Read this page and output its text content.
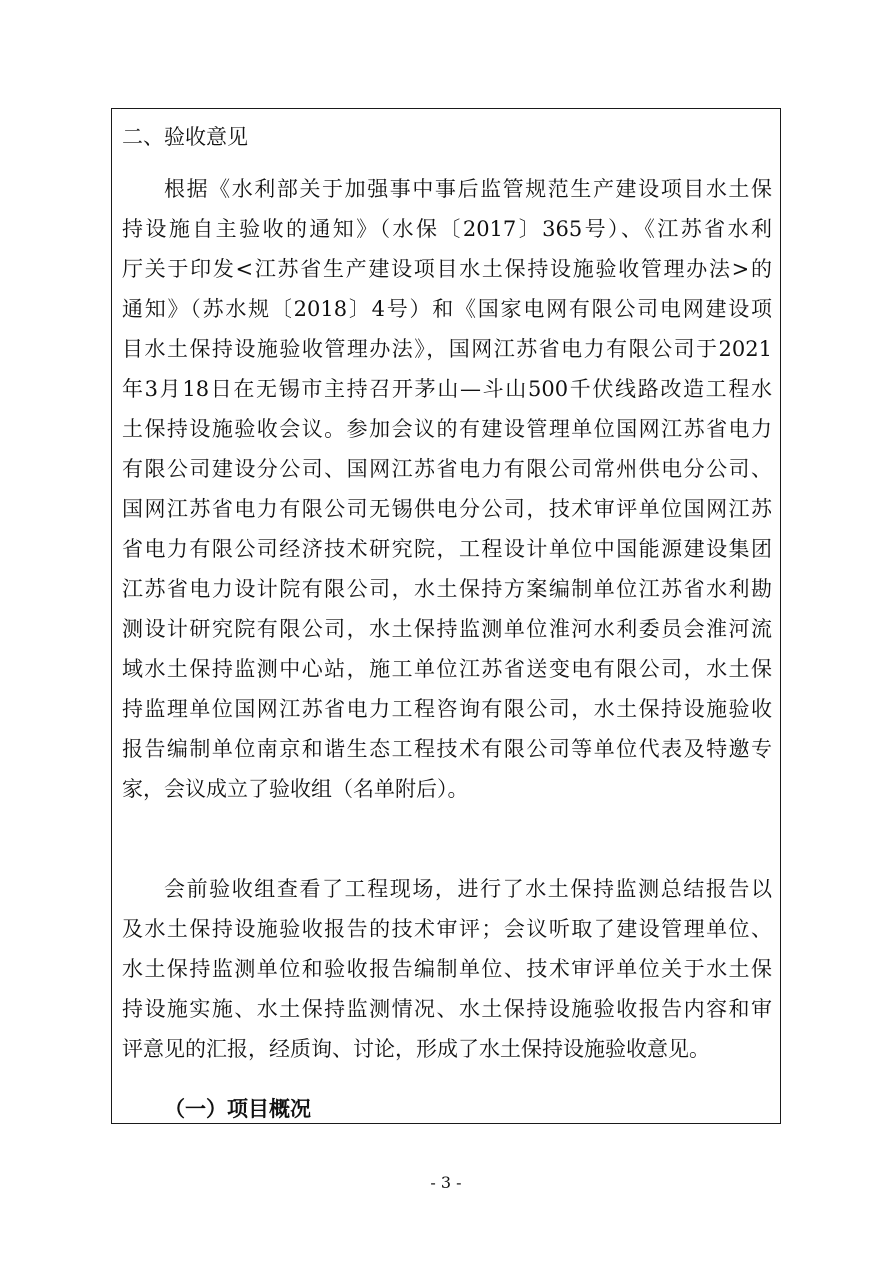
二、验收意见
根据《水利部关于加强事中事后监管规范生产建设项目水土保
持设施自主验收的通知》（水保〔2017〕365号）、《江苏省水利
厅关于印发<江苏省生产建设项目水土保持设施验收管理办法>的
通知》（苏水规〔2018〕4号）和《国家电网有限公司电网建设项
目水土保持设施验收管理办法》，国网江苏省电力有限公司于2021
年3月18日在无锡市主持召开茅山—斗山500千伏线路改造工程水
土保持设施验收会议。参加会议的有建设管理单位国网江苏省电力
有限公司建设分公司、国网江苏省电力有限公司常州供电分公司、
国网江苏省电力有限公司无锡供电分公司，技术审评单位国网江苏
省电力有限公司经济技术研究院，工程设计单位中国能源建设集团
江苏省电力设计院有限公司，水土保持方案编制单位江苏省水利勘
测设计研究院有限公司，水土保持监测单位淮河水利委员会淮河流
域水土保持监测中心站，施工单位江苏省送变电有限公司，水土保
持监理单位国网江苏省电力工程咨询有限公司，水土保持设施验收
报告编制单位南京和谐生态工程技术有限公司等单位代表及特邀专
家，会议成立了验收组（名单附后）。
会前验收组查看了工程现场，进行了水土保持监测总结报告以
及水土保持设施验收报告的技术审评；会议听取了建设管理单位、
水土保持监测单位和验收报告编制单位、技术审评单位关于水土保
持设施实施、水土保持监测情况、水土保持设施验收报告内容和审
评意见的汇报，经质询、讨论，形成了水土保持设施验收意见。
（一）项目概况
- 3 -
